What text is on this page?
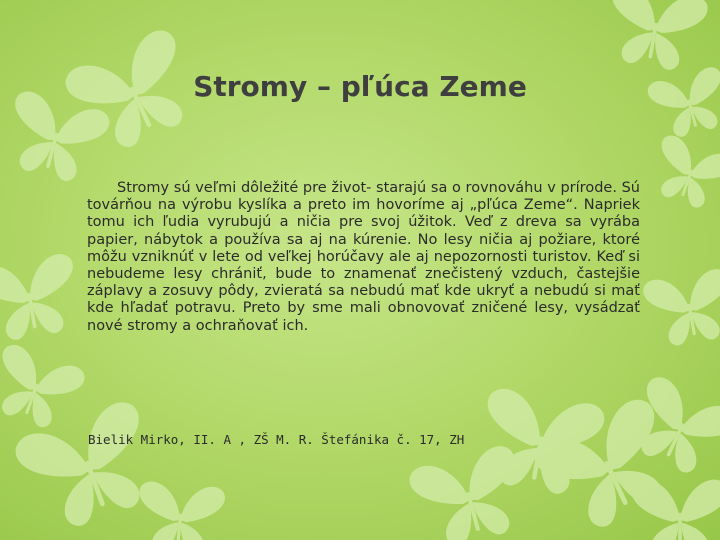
Stromy – pľúca Zeme

Stromy sú veľmi dôležité pre život- starajú sa o rovnováhu v prírode. Sú továrňou na výrobu kyslíka a preto im hovoríme aj „pľúca Zeme“. Napriek tomu ich ľudia vyrubujú a ničia pre svoj úžitok. Veď z dreva sa vyrába papier, nábytok a používa sa aj na kúrenie. No lesy ničia aj požiare, ktoré môžu vzniknúť v lete od veľkej horúčavy ale aj nepozornosti turistov. Keď si nebudeme lesy chrániť, bude to znamenať znečistený vzduch, častejšie záplavy a zosuvy pôdy, zvieratá sa nebudú mať kde ukryť a nebudú si mať kde hľadať potravu. Preto by sme mali obnovovať zničené lesy, vysádzať nové stromy a ochraňovať ich.

Bielik Mirko, II. A , ZŠ M. R. Štefánika č. 17, ZH
